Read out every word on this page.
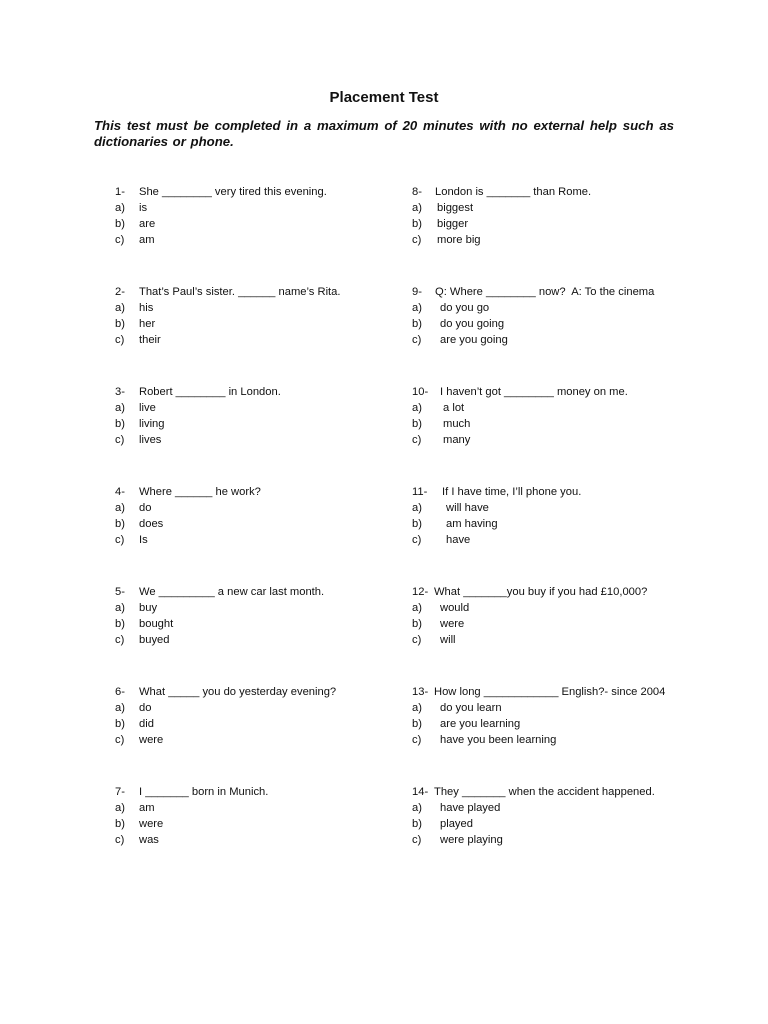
Placement Test
This test must be completed in a maximum of 20 minutes with no external help such as dictionaries or phone.
1- She ________ very tired this evening.
a) is
b) are
c) am
2- That’s Paul’s sister. ______ name’s Rita.
a) his
b) her
c) their
3- Robert ________ in London.
a) live
b) living
c) lives
4- Where ______ he work?
a) do
b) does
c) Is
5- We _________ a new car last month.
a) buy
b) bought
c) buyed
6- What _____ you do yesterday evening?
a) do
b) did
c) were
7- I _______ born in Munich.
a) am
b) were
c) was
8- London is _______ than Rome.
a) biggest
b) bigger
c) more big
9- Q: Where ________ now?  A: To the cinema
a) do you go
b) do you going
c) are you going
10- I haven’t got ________ money on me.
a) a lot
b) much
c) many
11- If I have time, I’ll phone you.
a) will have
b) am having
c) have
12- What _______you buy if you had £10,000?
a) would
b) were
c) will
13- How long ____________ English?- since 2004
a) do you learn
b) are you learning
c) have you been learning
14- They _______ when the accident happened.
a) have played
b) played
c) were playing
